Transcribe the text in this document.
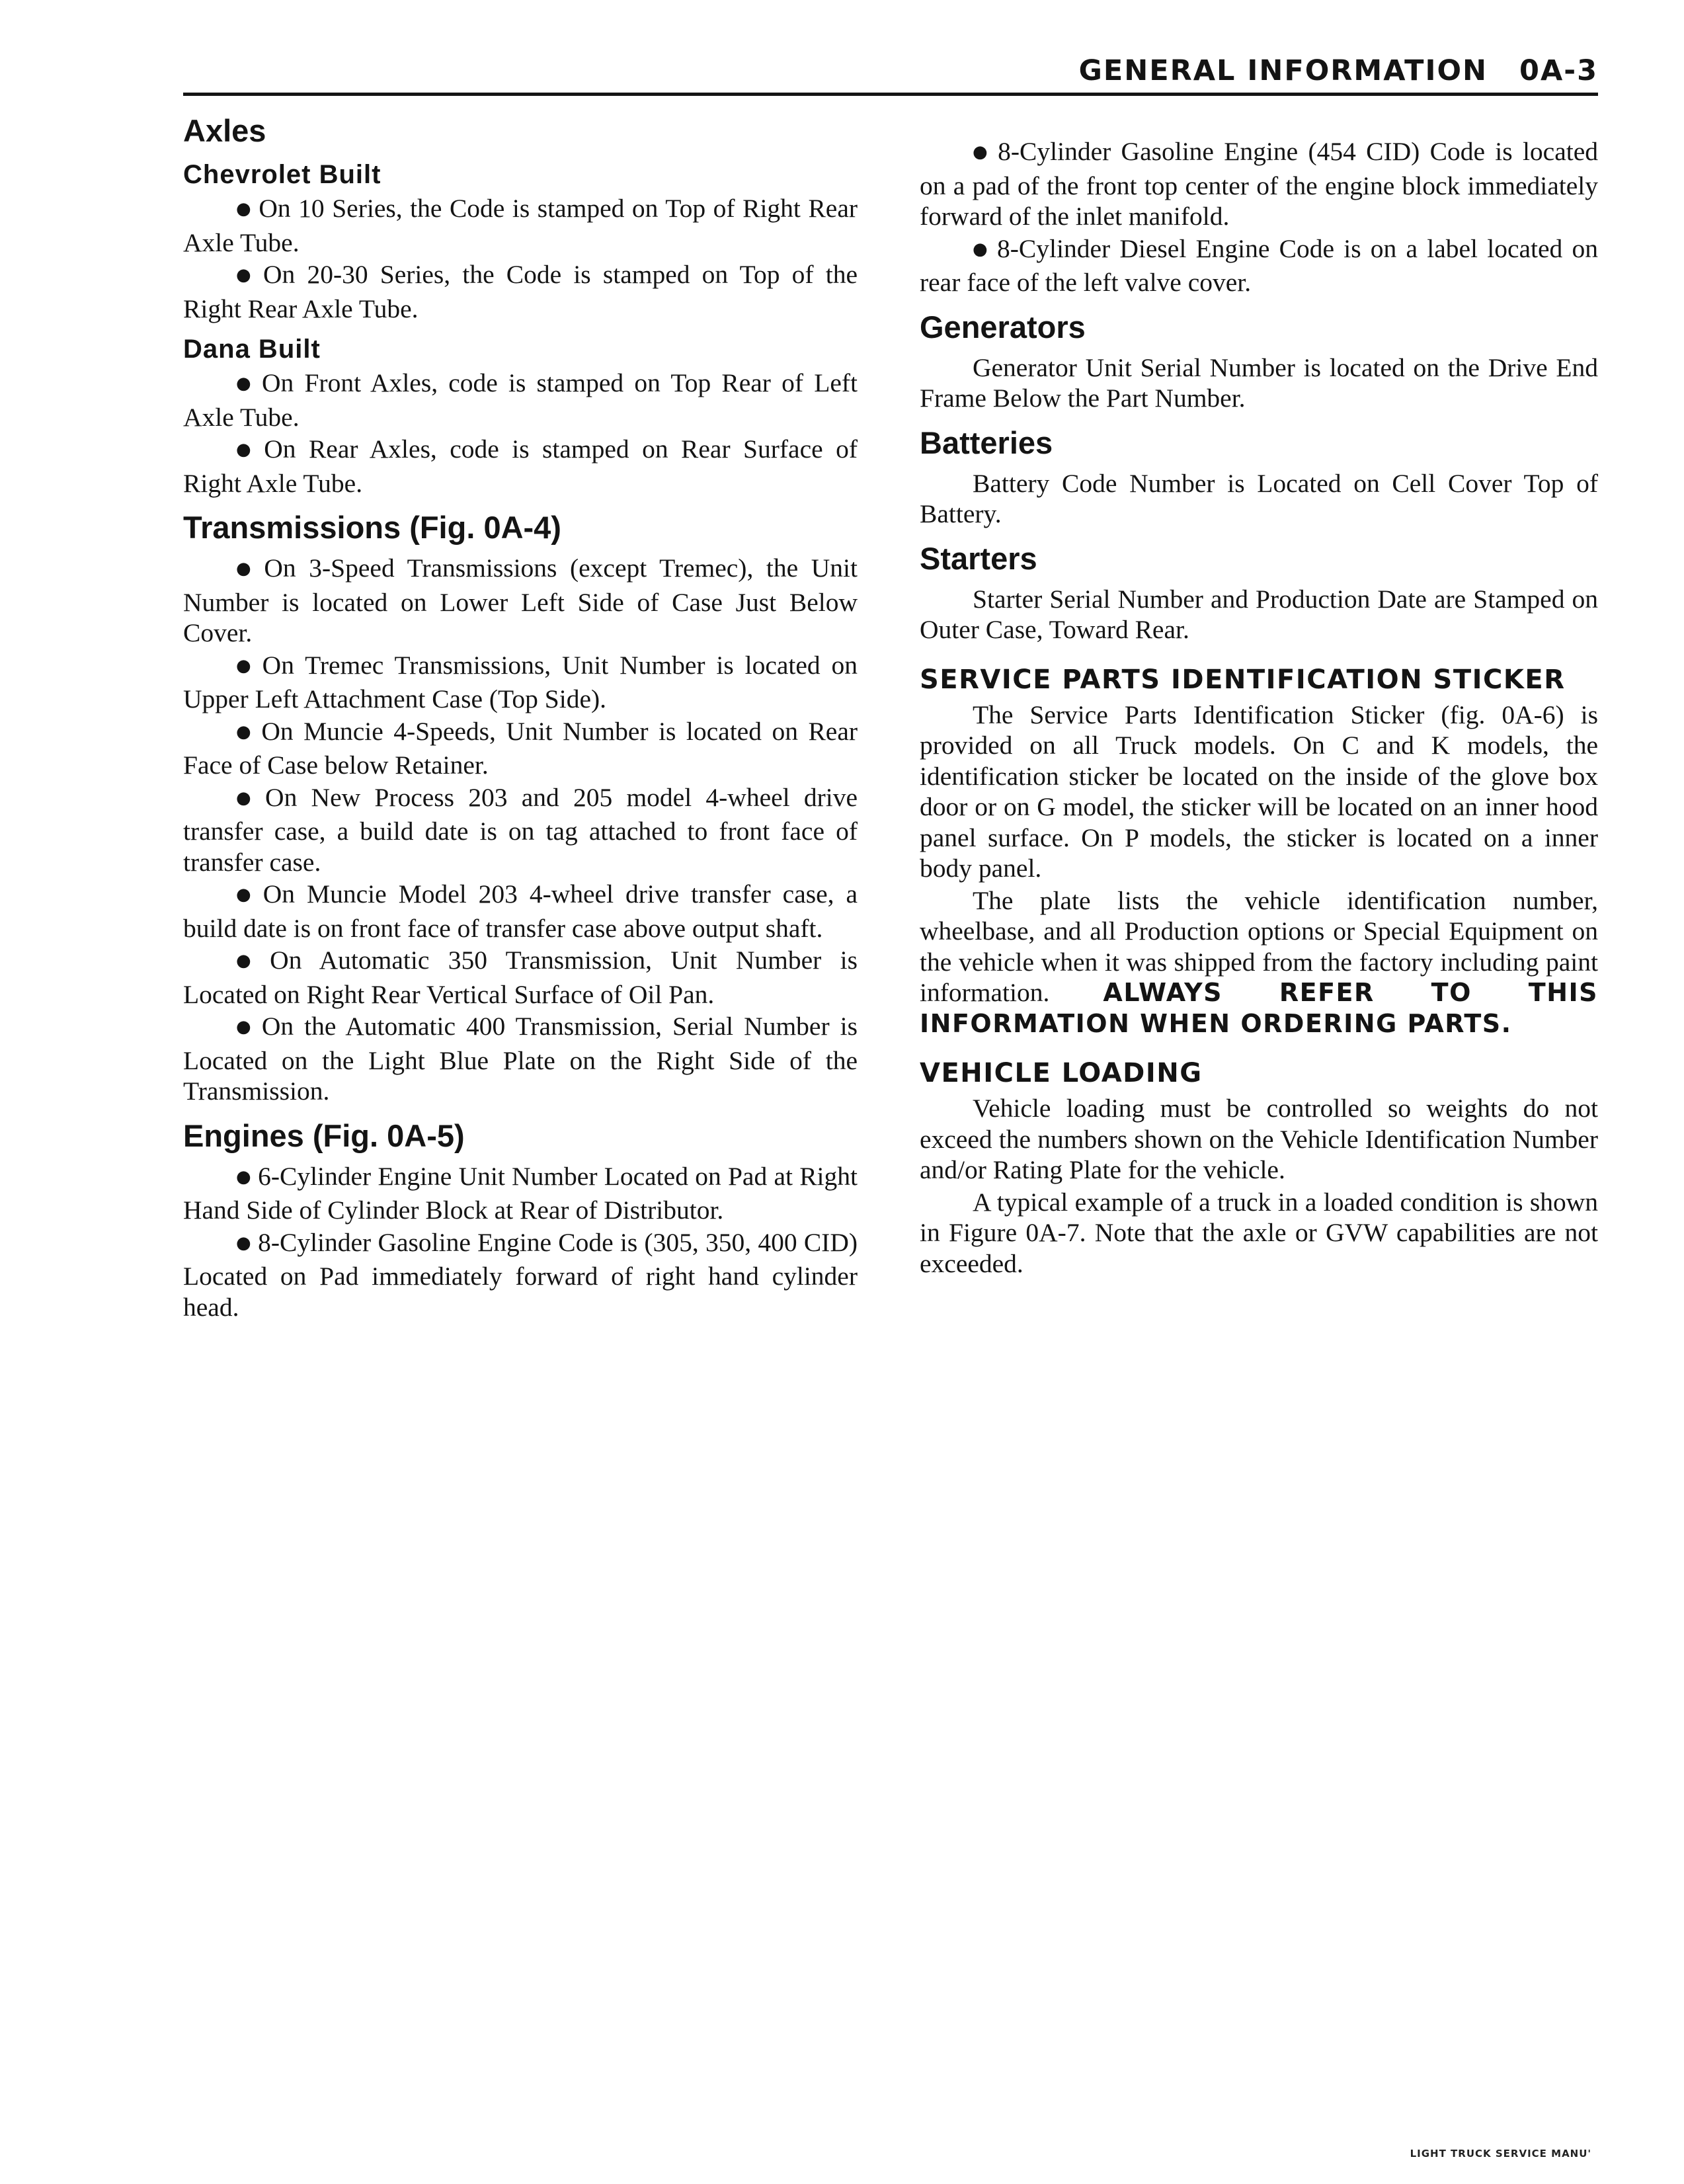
GENERAL INFORMATION 0A-3
Axles
Chevrolet Built

● On 10 Series, the Code is stamped on Top of Right Rear Axle Tube.

● On 20-30 Series, the Code is stamped on Top of the Right Rear Axle Tube.

Dana Built

● On Front Axles, code is stamped on Top Rear of Left Axle Tube.

● On Rear Axles, code is stamped on Rear Surface of Right Axle Tube.

Transmissions (Fig. 0A-4)

● On 3-Speed Transmissions (except Tremec), the Unit Number is located on Lower Left Side of Case Just Below Cover.

● On Tremec Transmissions, Unit Number is located on Upper Left Attachment Case (Top Side).

● On Muncie 4-Speeds, Unit Number is located on Rear Face of Case below Retainer.

● On New Process 203 and 205 model 4-wheel drive transfer case, a build date is on tag attached to front face of transfer case.

● On Muncie Model 203 4-wheel drive transfer case, a build date is on front face of transfer case above output shaft.

● On Automatic 350 Transmission, Unit Number is Located on Right Rear Vertical Surface of Oil Pan.

● On the Automatic 400 Transmission, Serial Number is Located on the Light Blue Plate on the Right Side of the Transmission.

Engines (Fig. 0A-5)

● 6-Cylinder Engine Unit Number Located on Pad at Right Hand Side of Cylinder Block at Rear of Distributor.

● 8-Cylinder Gasoline Engine Code is (305, 350, 400 CID) Located on Pad immediately forward of right hand cylinder head.

● 8-Cylinder Gasoline Engine (454 CID) Code is located on a pad of the front top center of the engine block immediately forward of the inlet manifold.

● 8-Cylinder Diesel Engine Code is on a label located on rear face of the left valve cover.

Generators

Generator Unit Serial Number is located on the Drive End Frame Below the Part Number.

Batteries

Battery Code Number is Located on Cell Cover Top of Battery.

Starters

Starter Serial Number and Production Date are Stamped on Outer Case, Toward Rear.

SERVICE PARTS IDENTIFICATION STICKER

The Service Parts Identification Sticker (fig. 0A-6) is provided on all Truck models. On C and K models, the identification sticker be located on the inside of the glove box door or on G model, the sticker will be located on an inner hood panel surface. On P models, the sticker is located on a inner body panel.

The plate lists the vehicle identification number, wheelbase, and all Production options or Special Equipment on the vehicle when it was shipped from the factory including paint information. ALWAYS REFER TO THIS INFORMATION WHEN ORDERING PARTS.

VEHICLE LOADING

Vehicle loading must be controlled so weights do not exceed the numbers shown on the Vehicle Identification Number and/or Rating Plate for the vehicle.

A typical example of a truck in a loaded condition is shown in Figure 0A-7. Note that the axle or GVW capabilities are not exceeded.

LIGHT TRUCK SERVICE MANU'
